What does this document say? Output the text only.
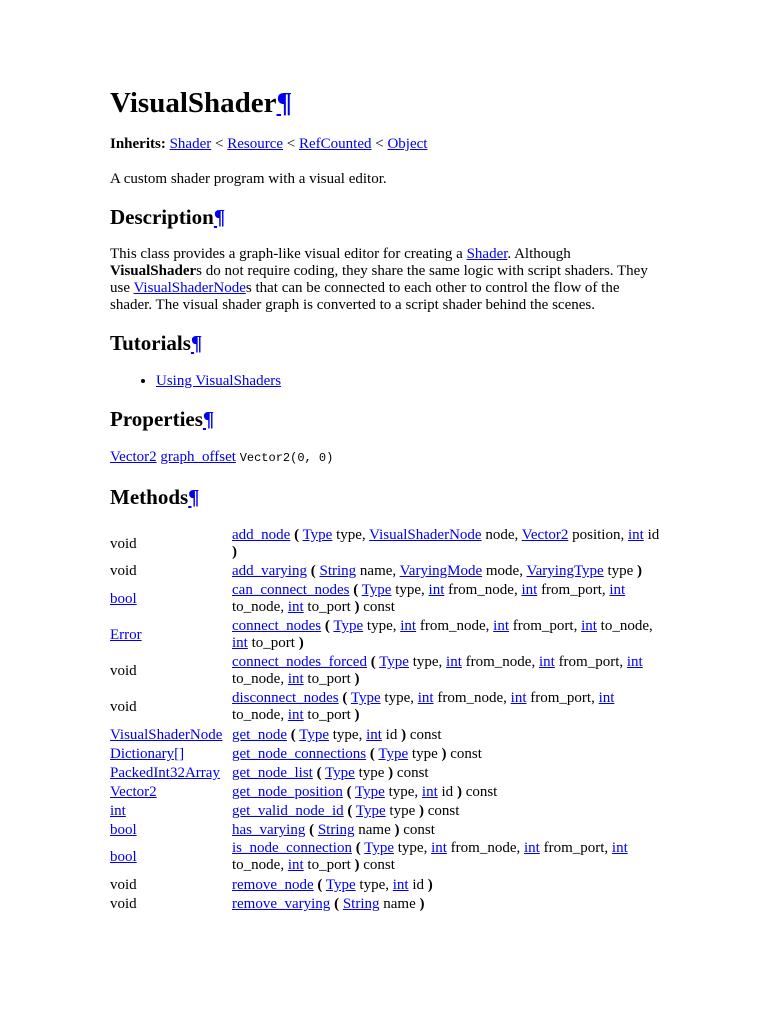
VisualShader¶

Inherits: Shader < Resource < RefCounted < Object

A custom shader program with a visual editor.

Description¶

This class provides a graph-like visual editor for creating a Shader. Although VisualShaders do not require coding, they share the same logic with script shaders. They use VisualShaderNodes that can be connected to each other to control the flow of the shader. The visual shader graph is converted to a script shader behind the scenes.

Tutorials¶
• Using VisualShaders
Properties¶

Vector2 graph_offset Vector2(0, 0)

Methods¶
void	add_node ( Type type, VisualShaderNode node, Vector2 position, int id )
void	add_varying ( String name, VaryingMode mode, VaryingType type )
bool	can_connect_nodes ( Type type, int from_node, int from_port, int to_node, int to_port ) const
Error	connect_nodes ( Type type, int from_node, int from_port, int to_node, int to_port )
void	connect_nodes_forced ( Type type, int from_node, int from_port, int to_node, int to_port )
void	disconnect_nodes ( Type type, int from_node, int from_port, int to_node, int to_port )
VisualShaderNode	get_node ( Type type, int id ) const
Dictionary[]	get_node_connections ( Type type ) const
PackedInt32Array	get_node_list ( Type type ) const
Vector2	get_node_position ( Type type, int id ) const
int	get_valid_node_id ( Type type ) const
bool	has_varying ( String name ) const
bool	is_node_connection ( Type type, int from_node, int from_port, int to_node, int to_port ) const
void	remove_node ( Type type, int id )
void	remove_varying ( String name )
